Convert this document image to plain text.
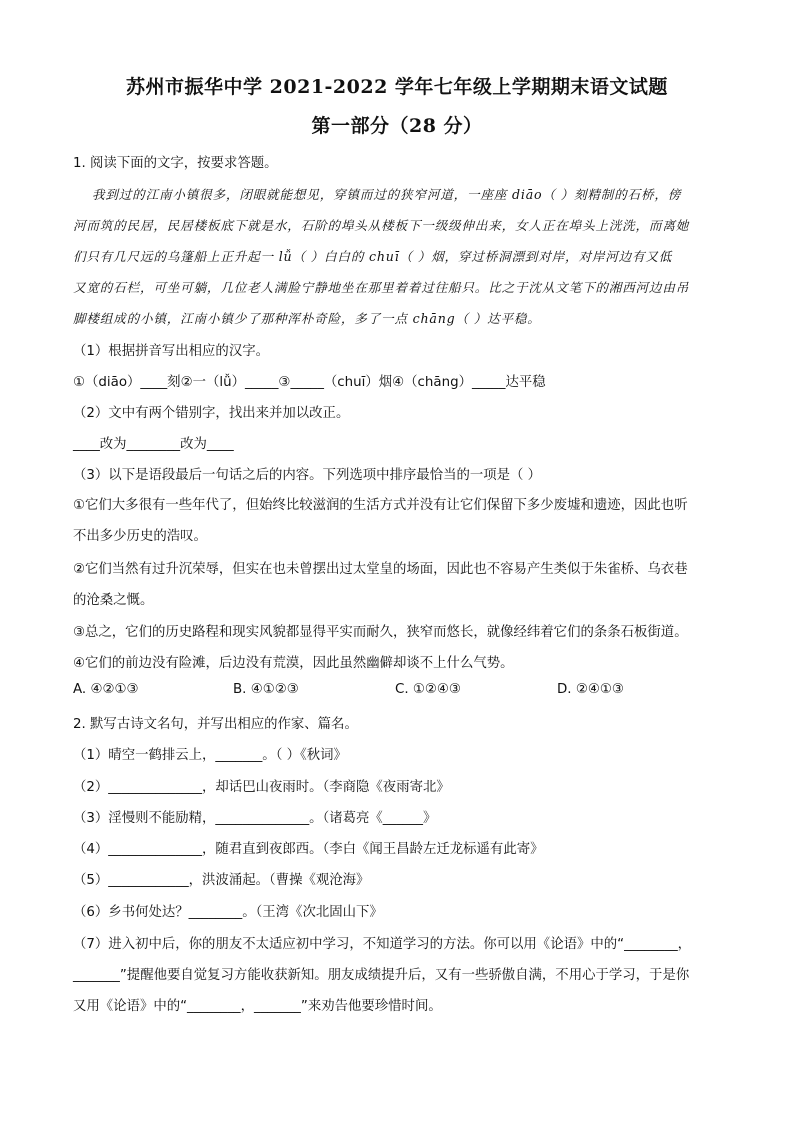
苏州市振华中学 2021-2022 学年七年级上学期期末语文试题
第一部分（28 分）
1. 阅读下面的文字，按要求答题。
我到过的江南小镇很多，闭眼就能想见，穿镇而过的狭窄河道，一座座 diāo（ ）刻精制的石桥，傍
河而筑的民居，民居楼板底下就是水，石阶的埠头从楼板下一级级伸出来，女人正在埠头上洸洗，而离她
们只有几尺远的乌篷船上正升起一 lǚ（ ）白白的 chuī（ ）烟，穿过桥洞漂到对岸，对岸河边有又低
又宽的石栏，可坐可躺，几位老人满脸宁静地坐在那里着着过往船只。比之于沈从文笔下的湘西河边由吊
脚楼组成的小镇，江南小镇少了那种浑朴奇险，多了一点 chāng（ ）达平稳。
（1）根据拼音写出相应的汉字。
①（diāo）____刻②一（lǚ）_____③_____（chuī）烟④（chāng）_____达平稳
（2）文中有两个错别字，找出来并加以改正。
____改为________改为____
（3）以下是语段最后一句话之后的内容。下列选项中排序最恰当的一项是（ ）
①它们大多很有一些年代了，但始终比较滋润的生活方式并没有让它们保留下多少废墟和遗迹，因此也听
不出多少历史的浩叹。
②它们当然有过升沉荣辱，但实在也未曾摆出过太堂皇的场面，因此也不容易产生类似于朱雀桥、乌衣巷
的沧桑之慨。
③总之，它们的历史路程和现实风貌都显得平实而耐久，狭窄而悠长，就像经纬着它们的条条石板街道。
④它们的前边没有险滩，后边没有荒漠，因此虽然幽僻却谈不上什么气势。
A. ④②①③	B. ④①②③	C. ①②④③	D. ②④①③
2. 默写古诗文名句，并写出相应的作家、篇名。
（1）晴空一鹤排云上，_______。（ ）《秋词》
（2）______________，却话巴山夜雨时。（李商隐《夜雨寄北》
（3）淫慢则不能励精，______________。（诸葛亮《______》
（4）______________，随君直到夜郎西。（李白《闻王昌龄左迁龙标遥有此寄》
（5）____________，洪波涌起。（曹操《观沧海》
（6）乡书何处达？________。（王湾《次北固山下》
（7）进入初中后，你的朋友不太适应初中学习，不知道学习的方法。你可以用《论语》中的“________，
_______”提醒他要自觉复习方能收获新知。朋友成绩提升后，又有一些骄傲自满，不用心于学习，于是你
又用《论语》中的“________，_______”来劝告他要珍惜时间。
